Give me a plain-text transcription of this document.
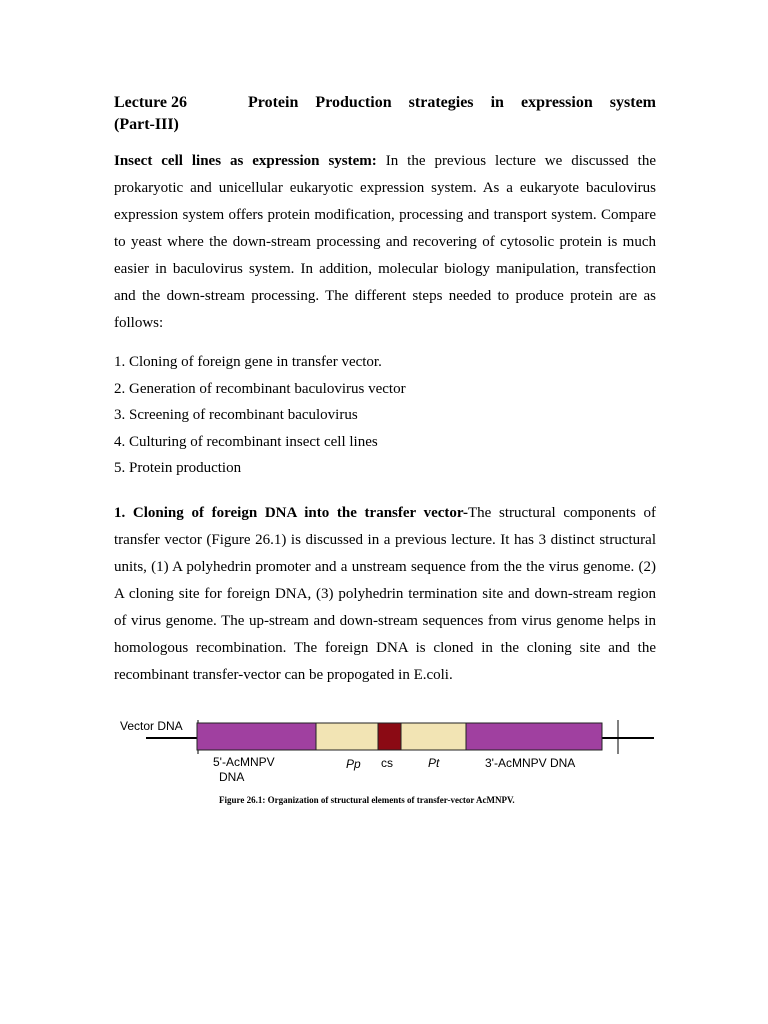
Lecture 26	Protein Production strategies in expression system
(Part-III)

Insect cell lines as expression system: In the previous lecture we discussed the prokaryotic and unicellular eukaryotic expression system. As a eukaryote baculovirus expression system offers protein modification, processing and transport system. Compare to yeast where the down-stream processing and recovering of cytosolic protein is much easier in baculovirus system. In addition, molecular biology manipulation, transfection and the down-stream processing. The different steps needed to produce protein are as follows:

1. Cloning of foreign gene in transfer vector.
2. Generation of recombinant baculovirus vector
3. Screening of recombinant baculovirus
4. Culturing of recombinant insect cell lines
5. Protein production

1. Cloning of foreign DNA into the transfer vector-The structural components of transfer vector (Figure 26.1) is discussed in a previous lecture. It has 3 distinct structural units, (1) A polyhedrin promoter and a unstream sequence from the the virus genome. (2) A cloning site for foreign DNA, (3) polyhedrin termination site and down-stream region of virus genome. The up-stream and down-stream sequences from virus genome helps in homologous recombination. The foreign DNA is cloned in the cloning site and the recombinant transfer-vector can be propogated in E.coli.

Vector DNA
5'-AcMNPV
DNA
Pp cs	Pt	3'-AcMNPV DNA
Figure 26.1: Organization of structural elements of transfer-vector AcMNPV.
